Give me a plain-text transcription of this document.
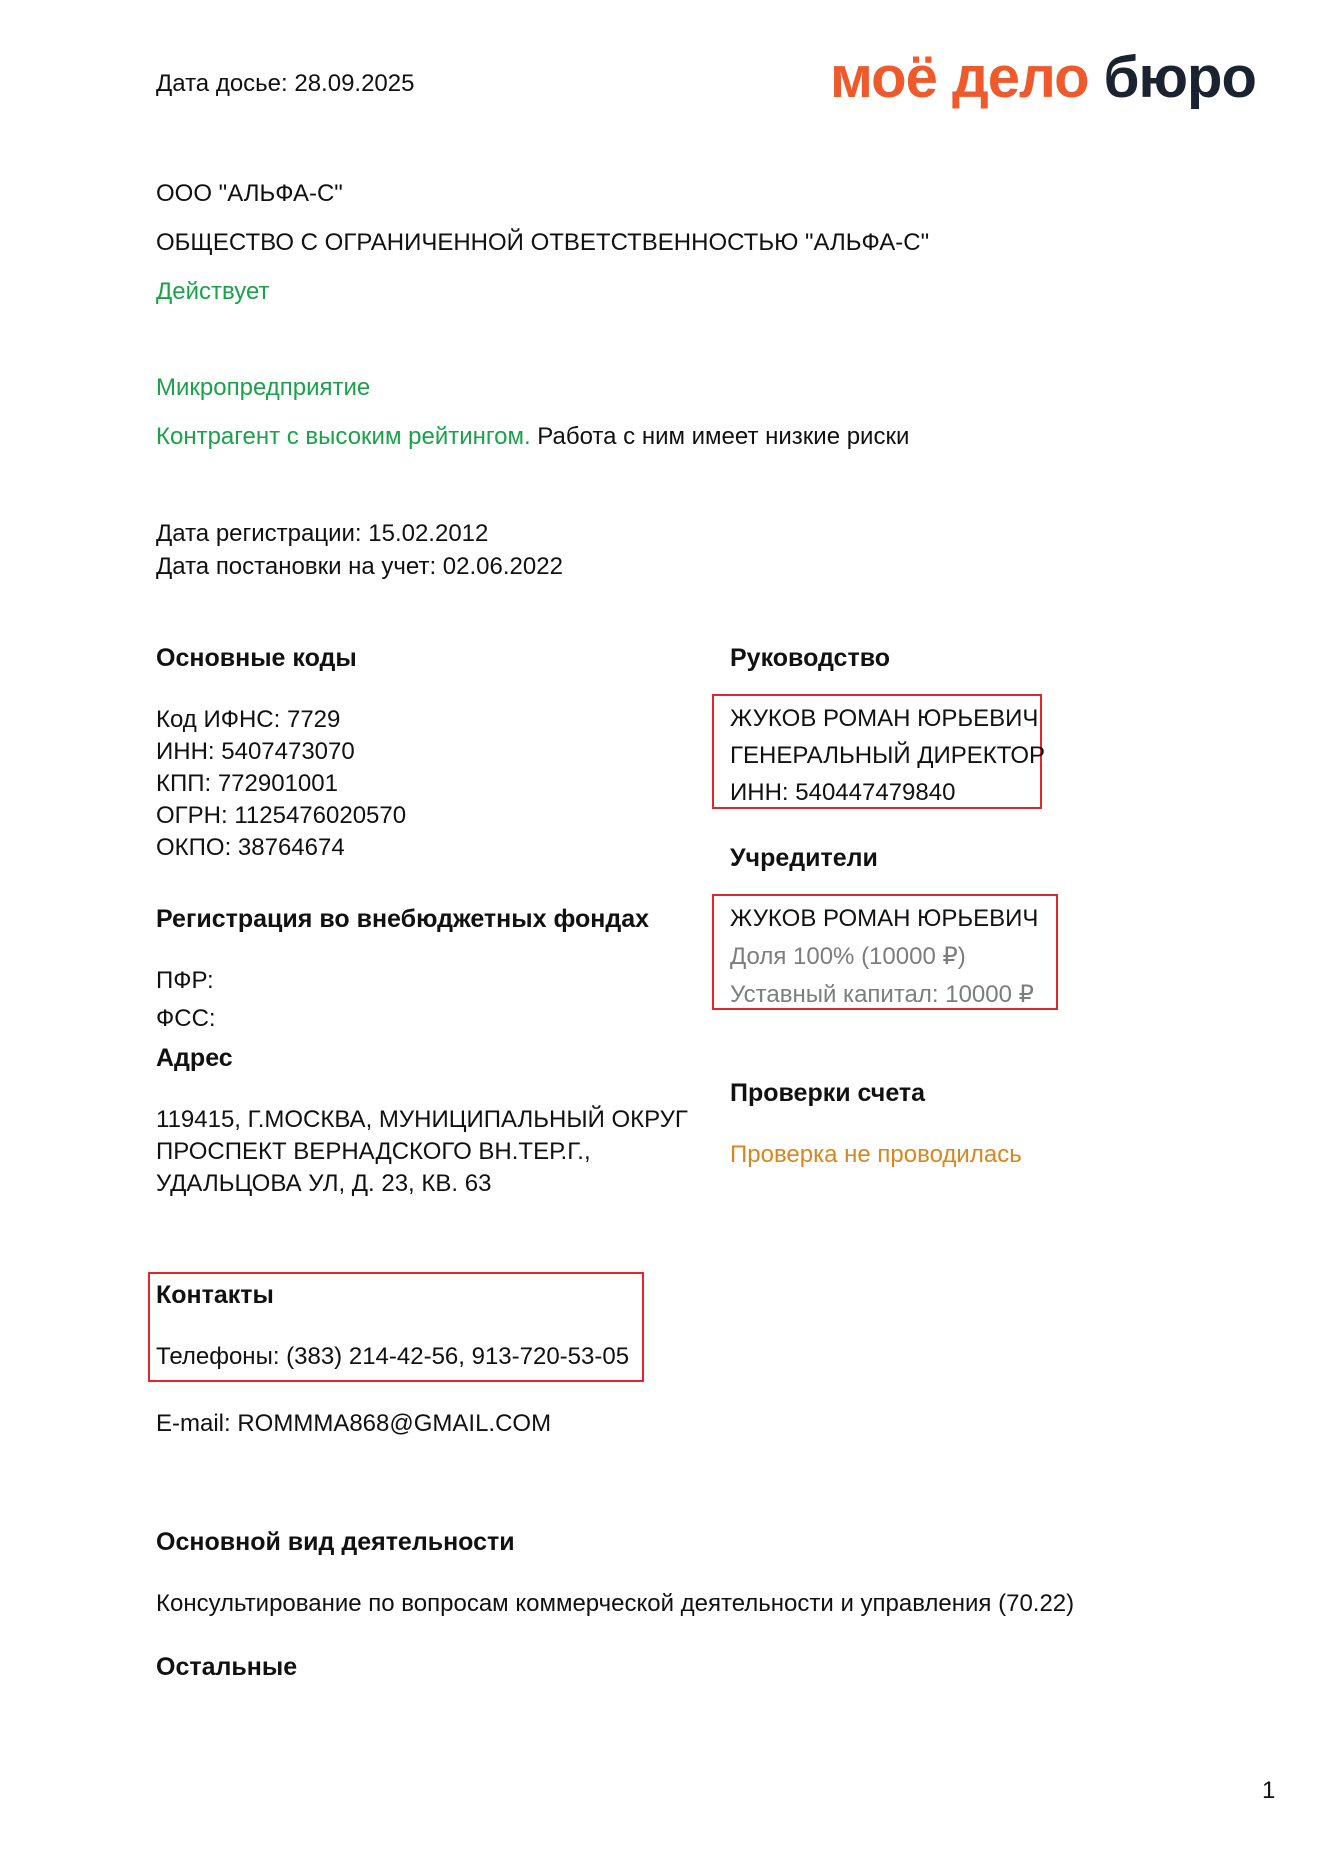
Дата досье: 28.09.2025	моё дело бюро
ООО "АЛЬФА-С"
ОБЩЕСТВО С ОГРАНИЧЕННОЙ ОТВЕТСТВЕННОСТЬЮ "АЛЬФА-С"
Действует
Микропредприятие
Контрагент с высоким рейтингом. Работа с ним имеет низкие риски
Дата регистрации: 15.02.2012
Дата постановки на учет: 02.06.2022
Основные коды
Код ИФНС: 7729
ИНН: 5407473070
КПП: 772901001
ОГРН: 1125476020570
ОКПО: 38764674
Регистрация во внебюджетных фондах
ПФР:
ФСС:
Адрес
119415, Г.МОСКВА, МУНИЦИПАЛЬНЫЙ ОКРУГ
ПРОСПЕКТ ВЕРНАДСКОГО ВН.ТЕР.Г.,
УДАЛЬЦОВА УЛ, Д. 23, КВ. 63
Контакты
Телефоны: (383) 214-42-56, 913-720-53-05
E-mail: ROMMMA868@GMAIL.COM
Руководство
ЖУКОВ РОМАН ЮРЬЕВИЧ
ГЕНЕРАЛЬНЫЙ ДИРЕКТОР
ИНН: 540447479840
Учредители
ЖУКОВ РОМАН ЮРЬЕВИЧ
Доля 100% (10000 ₽)
Уставный капитал: 10000 ₽
Проверки счета
Проверка не проводилась
Основной вид деятельности
Консультирование по вопросам коммерческой деятельности и управления (70.22)
Остальные
1
